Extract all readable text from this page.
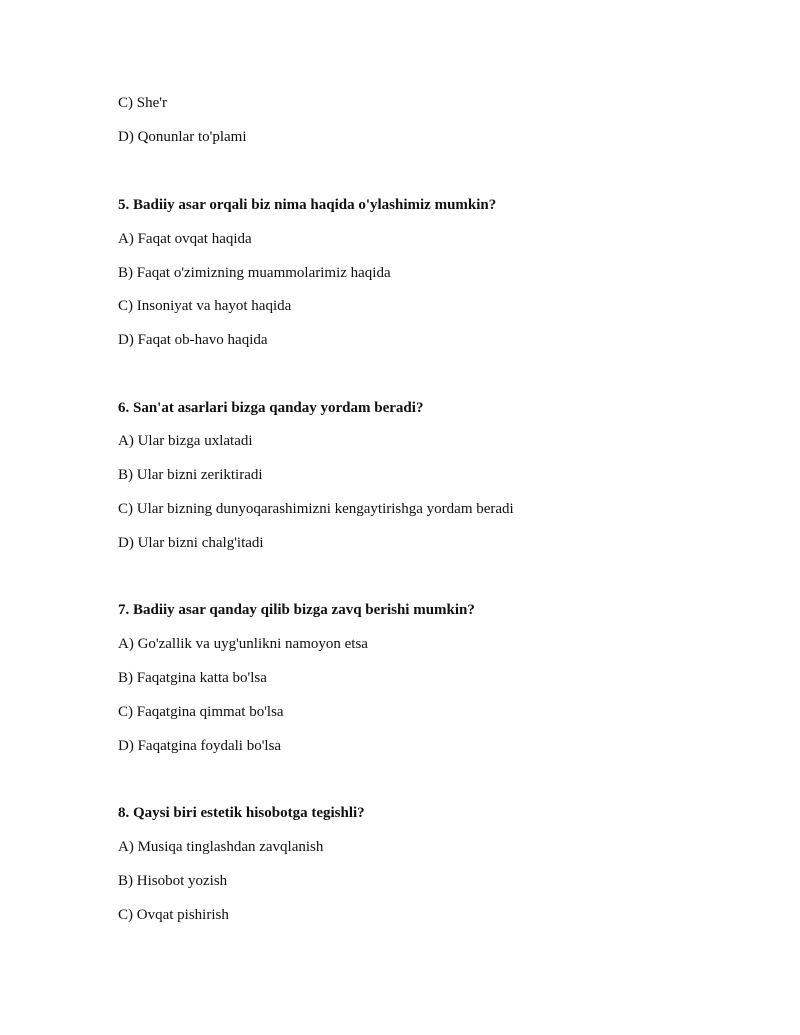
C) She'r
D) Qonunlar to'plami
5. Badiiy asar orqali biz nima haqida o'ylashimiz mumkin?
A) Faqat ovqat haqida
B) Faqat o'zimizning muammolarimiz haqida
C) Insoniyat va hayot haqida
D) Faqat ob-havo haqida
6. San'at asarlari bizga qanday yordam beradi?
A) Ular bizga uxlatadi
B) Ular bizni zeriktiradi
C) Ular bizning dunyoqarashimizni kengaytirishga yordam beradi
D) Ular bizni chalg'itadi
7. Badiiy asar qanday qilib bizga zavq berishi mumkin?
A) Go'zallik va uyg'unlikni namoyon etsa
B) Faqatgina katta bo'lsa
C) Faqatgina qimmat bo'lsa
D) Faqatgina foydali bo'lsa
8. Qaysi biri estetik hisobotga tegishli?
A) Musiqa tinglashdan zavqlanish
B) Hisobot yozish
C) Ovqat pishirish
